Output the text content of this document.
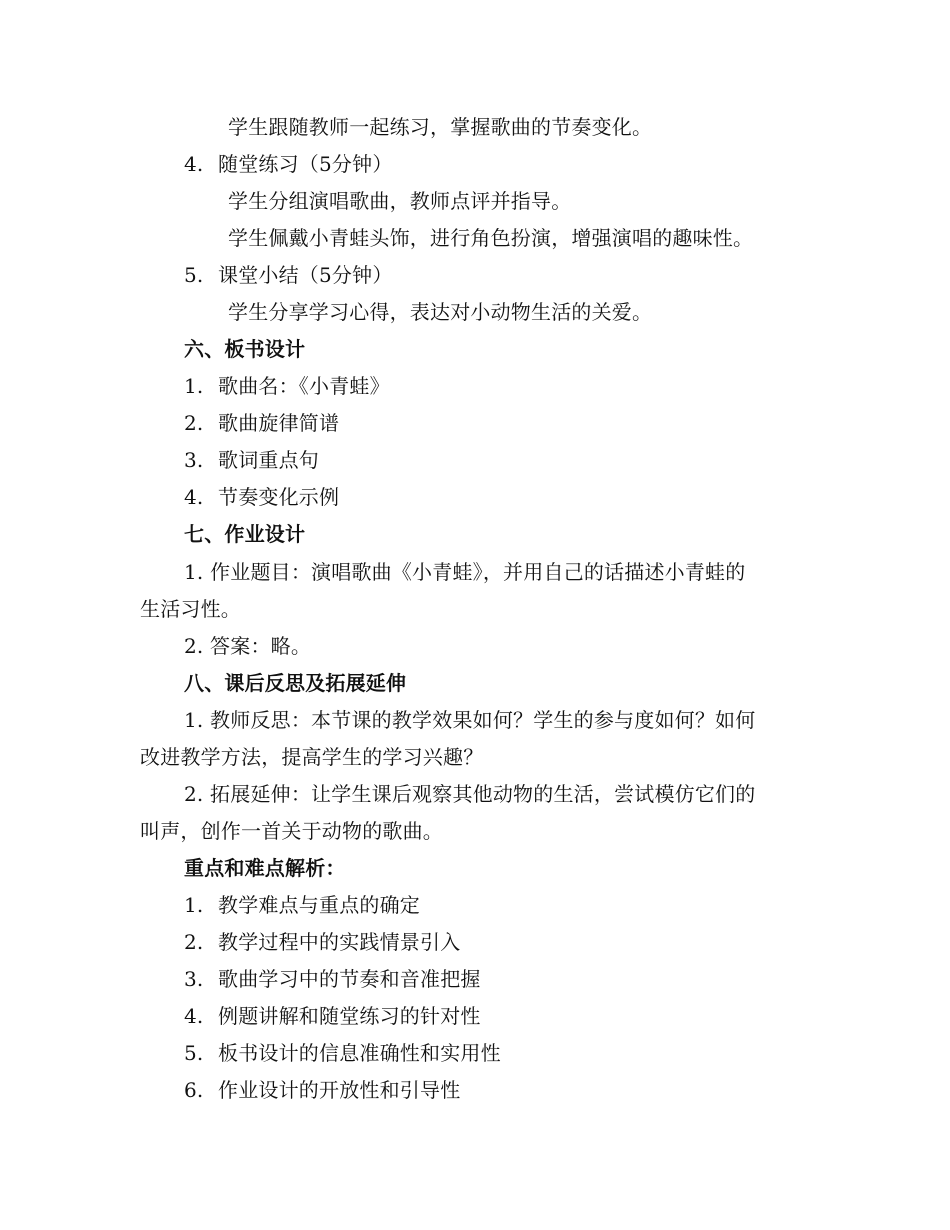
学生跟随教师一起练习，掌握歌曲的节奏变化。
4. 随堂练习（5分钟）
学生分组演唱歌曲，教师点评并指导。
学生佩戴小青蛙头饰，进行角色扮演，增强演唱的趣味性。
5. 课堂小结（5分钟）
学生分享学习心得，表达对小动物生活的关爱。
六、板书设计
1. 歌曲名：《小青蛙》
2. 歌曲旋律简谱
3. 歌词重点句
4. 节奏变化示例
七、作业设计
1. 作业题目：演唱歌曲《小青蛙》，并用自己的话描述小青蛙的
生活习性。
2. 答案：略。
八、课后反思及拓展延伸
1. 教师反思：本节课的教学效果如何？学生的参与度如何？如何
改进教学方法，提高学生的学习兴趣？
2. 拓展延伸：让学生课后观察其他动物的生活，尝试模仿它们的
叫声，创作一首关于动物的歌曲。
重点和难点解析：
1. 教学难点与重点的确定
2. 教学过程中的实践情景引入
3. 歌曲学习中的节奏和音准把握
4. 例题讲解和随堂练习的针对性
5. 板书设计的信息准确性和实用性
6. 作业设计的开放性和引导性
